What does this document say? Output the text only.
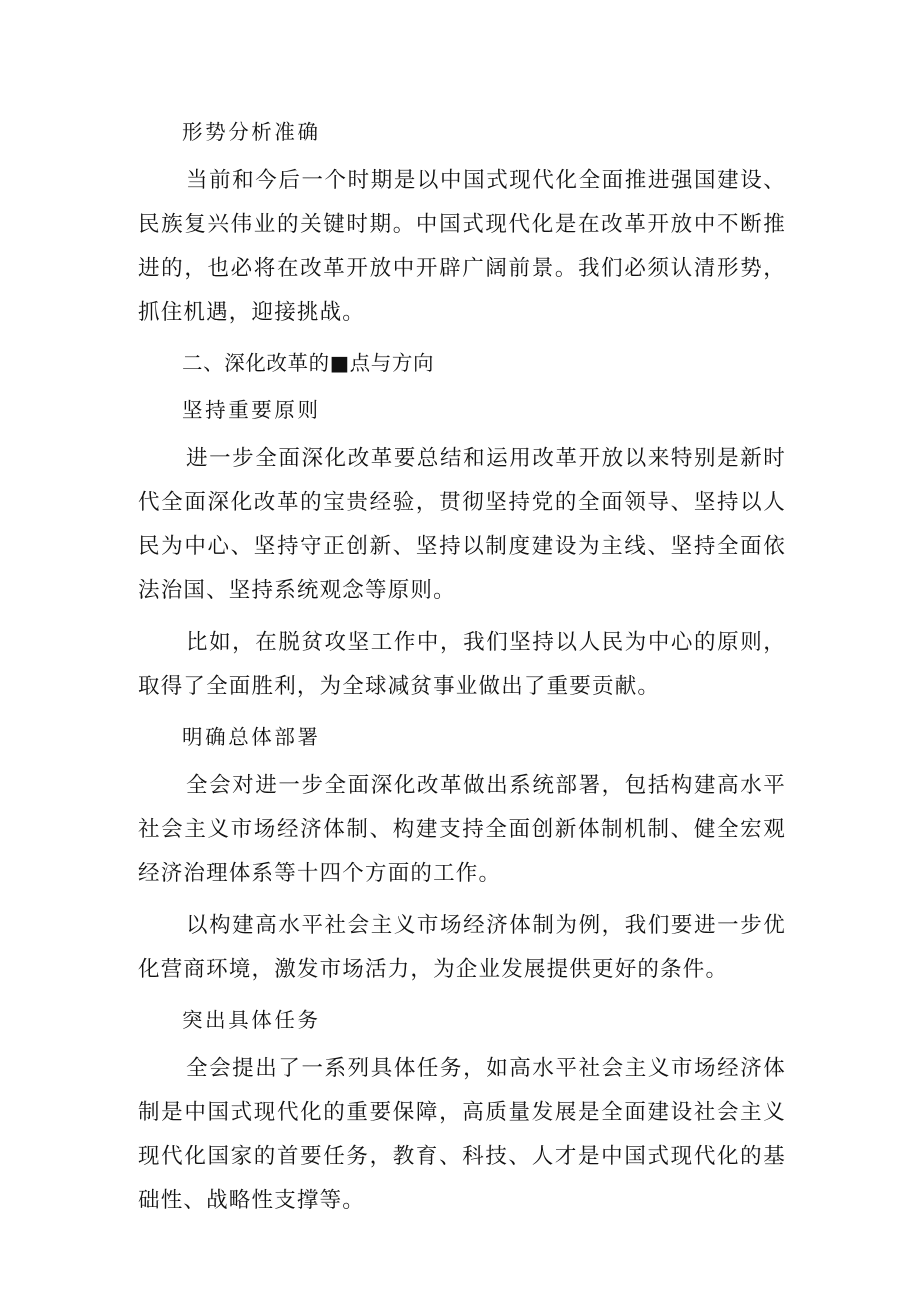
形势分析准确

当前和今后一个时期是以中国式现代化全面推进强国建设、民族复兴伟业的关键时期。中国式现代化是在改革开放中不断推进的，也必将在改革开放中开辟广阔前景。我们必须认清形势，抓住机遇，迎接挑战。

二、深化改革的■点与方向
坚持重要原则

进一步全面深化改革要总结和运用改革开放以来特别是新时代全面深化改革的宝贵经验，贯彻坚持党的全面领导、坚持以人民为中心、坚持守正创新、坚持以制度建设为主线、坚持全面依法治国、坚持系统观念等原则。

比如，在脱贫攻坚工作中，我们坚持以人民为中心的原则，取得了全面胜利，为全球减贫事业做出了重要贡献。

明确总体部署

全会对进一步全面深化改革做出系统部署，包括构建高水平社会主义市场经济体制、构建支持全面创新体制机制、健全宏观经济治理体系等十四个方面的工作。

以构建高水平社会主义市场经济体制为例，我们要进一步优化营商环境，激发市场活力，为企业发展提供更好的条件。

突出具体任务

全会提出了一系列具体任务，如高水平社会主义市场经济体制是中国式现代化的重要保障，高质量发展是全面建设社会主义现代化国家的首要任务，教育、科技、人才是中国式现代化的基础性、战略性支撑等。
